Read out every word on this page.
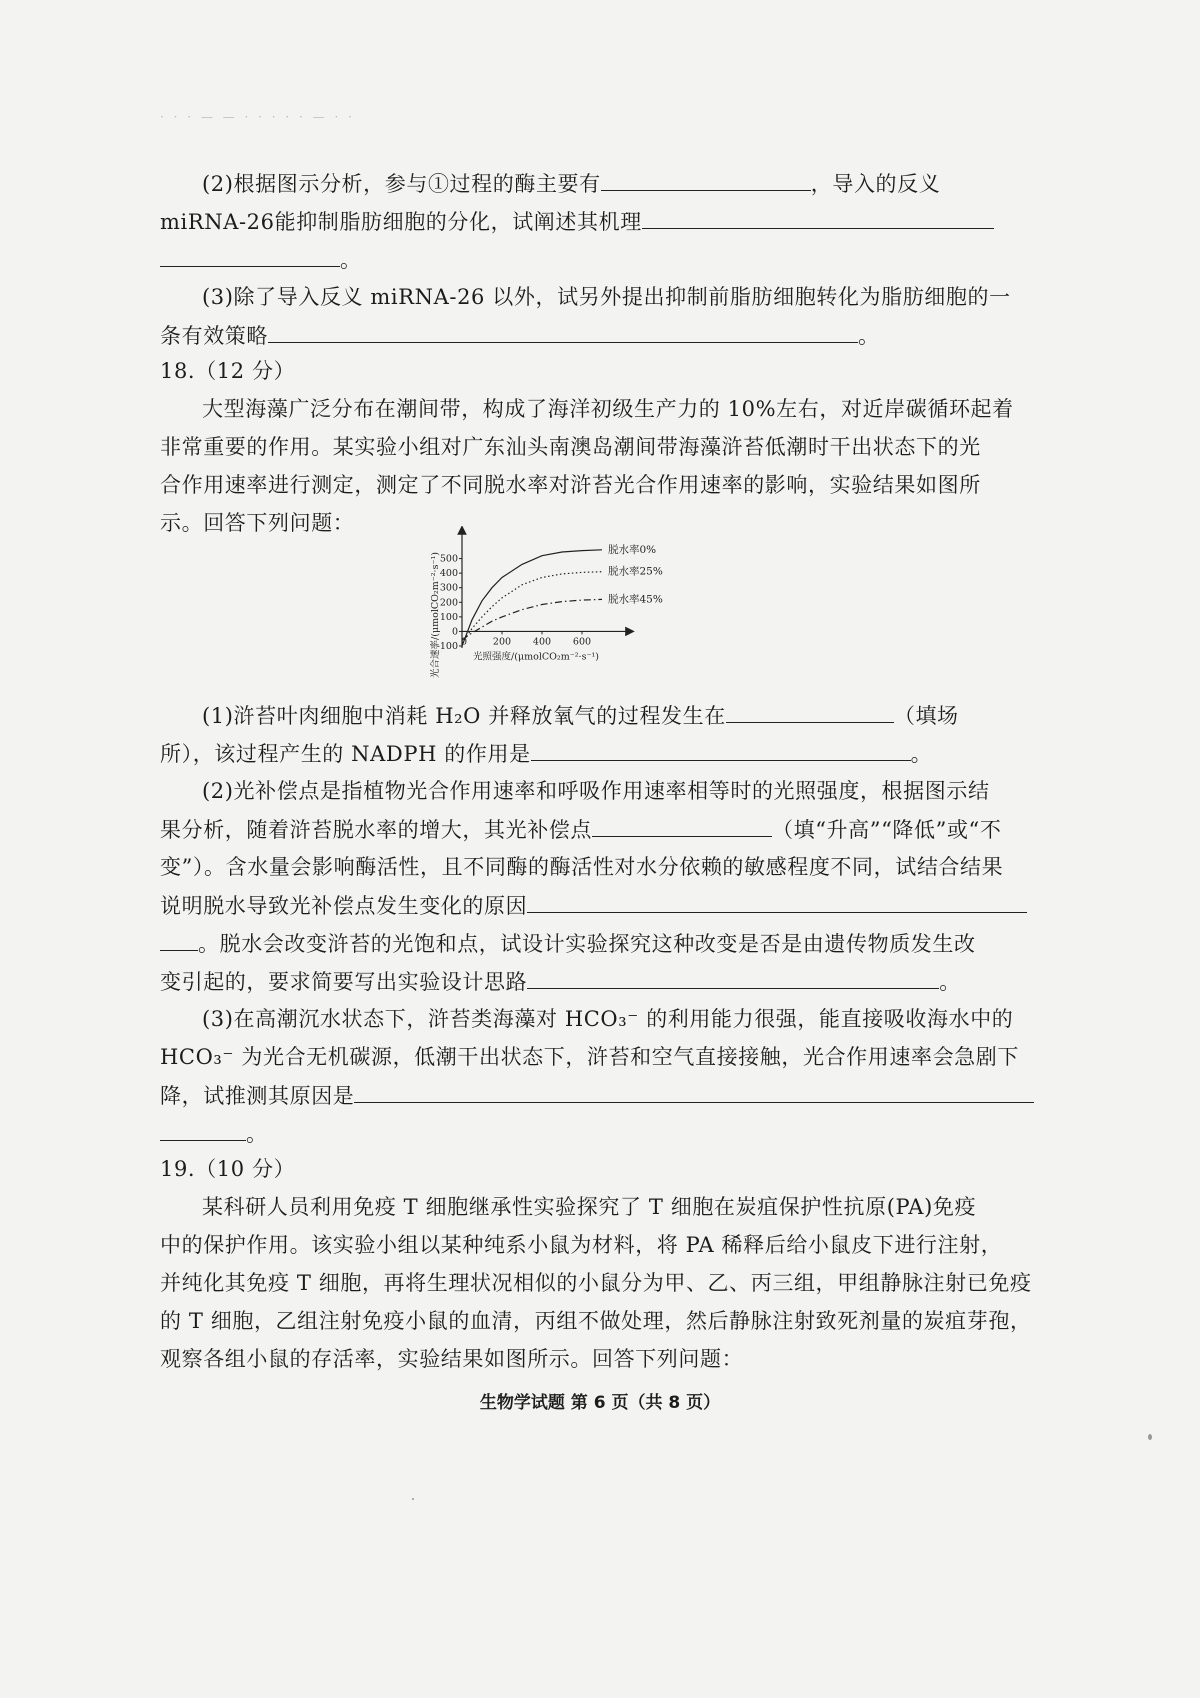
· · · — — · · · · · — · ·
(2)根据图示分析，参与①过程的酶主要有	，导入的反义
miRNA-26能抑制脂肪细胞的分化，试阐述其机理
。
(3)除了导入反义 miRNA-26 以外，试另外提出抑制前脂肪细胞转化为脂肪细胞的一
条有效策略	。
18.（12 分）
大型海藻广泛分布在潮间带，构成了海洋初级生产力的 10%左右，对近岸碳循环起着
非常重要的作用。某实验小组对广东汕头南澳岛潮间带海藻浒苔低潮时干出状态下的光
合作用速率进行测定，测定了不同脱水率对浒苔光合作用速率的影响，实验结果如图所
示。回答下列问题：
-100
0
100
200
300
400
500
0	200 400 600
脱水率0%
脱水率25%
脱水率45%
光合速率/(μmolCO₂m⁻²·s⁻¹)	光照强度/(μmolCO₂m⁻²·s⁻¹)
(1)浒苔叶肉细胞中消耗 H₂O 并释放氧气的过程发生在	（填场
所），该过程产生的 NADPH 的作用是	。
(2)光补偿点是指植物光合作用速率和呼吸作用速率相等时的光照强度，根据图示结
果分析，随着浒苔脱水率的增大，其光补偿点	（填“升高”“降低”或“不
变”）。含水量会影响酶活性，且不同酶的酶活性对水分依赖的敏感程度不同，试结合结果
说明脱水导致光补偿点发生变化的原因
。脱水会改变浒苔的光饱和点，试设计实验探究这种改变是否是由遗传物质发生改
变引起的，要求简要写出实验设计思路	。
(3)在高潮沉水状态下，浒苔类海藻对 HCO₃⁻ 的利用能力很强，能直接吸收海水中的
HCO₃⁻ 为光合无机碳源，低潮干出状态下，浒苔和空气直接接触，光合作用速率会急剧下
降，试推测其原因是
。
19.（10 分）
某科研人员利用免疫 T 细胞继承性实验探究了 T 细胞在炭疽保护性抗原(PA)免疫
中的保护作用。该实验小组以某种纯系小鼠为材料，将 PA 稀释后给小鼠皮下进行注射，
并纯化其免疫 T 细胞，再将生理状况相似的小鼠分为甲、乙、丙三组，甲组静脉注射已免疫
的 T 细胞，乙组注射免疫小鼠的血清，丙组不做处理，然后静脉注射致死剂量的炭疽芽孢，
观察各组小鼠的存活率，实验结果如图所示。回答下列问题：
生物学试题 第 6 页（共 8 页）
